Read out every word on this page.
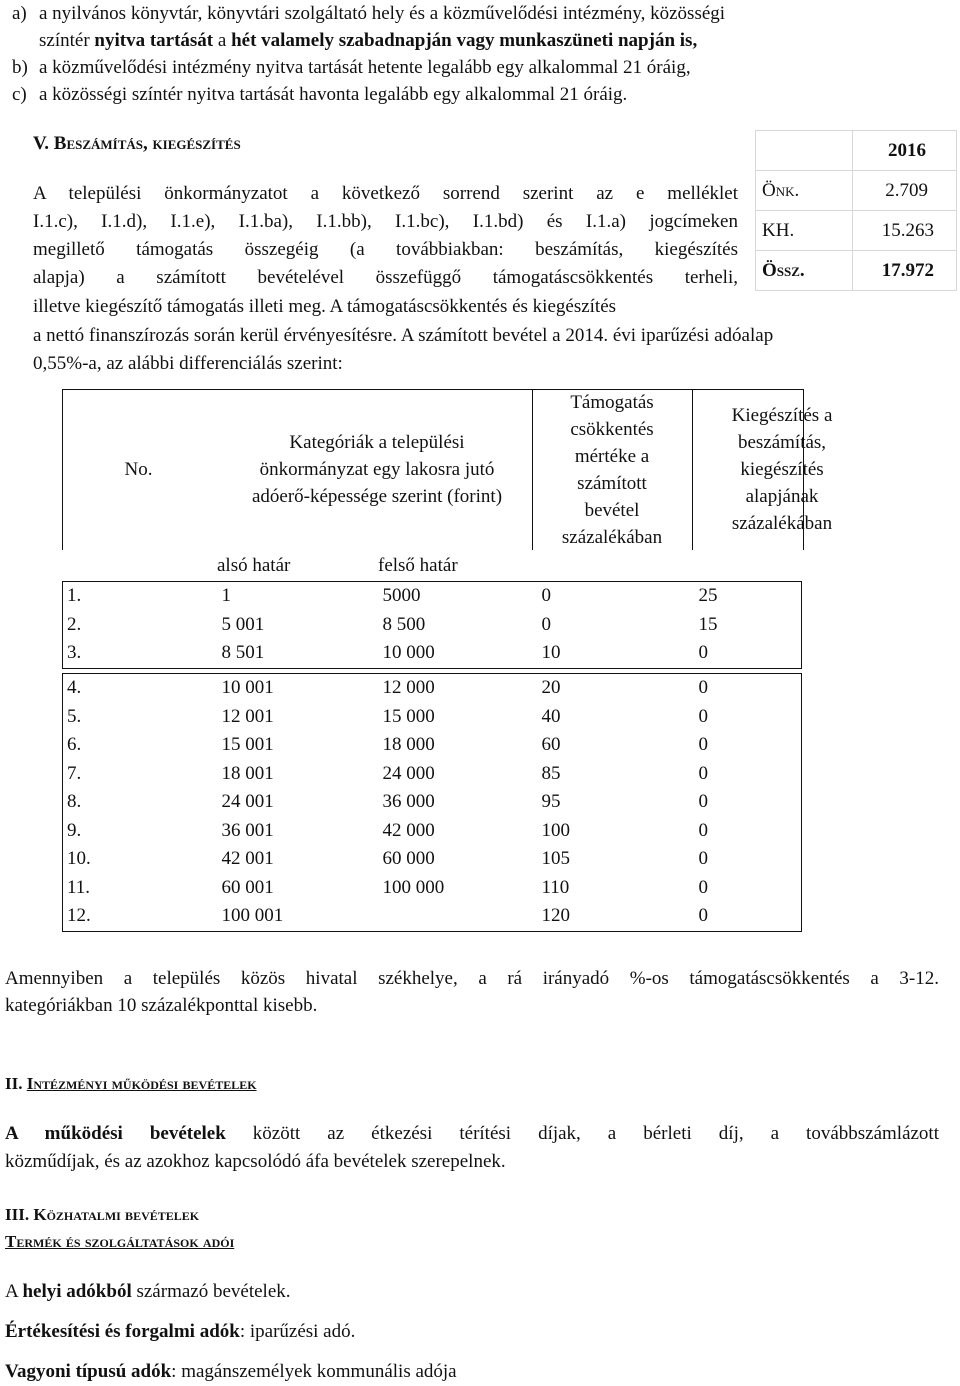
a) a nyilvános könyvtár, könyvtári szolgáltató hely és a közművelődési intézmény, közösségi
színtér nyitva tartását a hét valamely szabadnapján vagy munkaszüneti napján is,
b) a közművelődési intézmény nyitva tartását hetente legalább egy alkalommal 21 óráig,
c) a közösségi színtér nyitva tartását havonta legalább egy alkalommal 21 óráig.
V. Beszámítás, kiegészítés
A települési önkormányzatot a következő sorrend szerint az e melléklet
I.1.c), I.1.d), I.1.e), I.1.ba), I.1.bb), I.1.bc), I.1.bd) és I.1.a) jogcímeken
megillető támogatás összegéig (a továbbiakban: beszámítás, kiegészítés
alapja) a számított bevételével összefüggő támogatáscsökkentés terheli,
illetve kiegészítő támogatás illeti meg. A támogatáscsökkentés és kiegészítés
a nettó finanszírozás során kerül érvényesítésre. A számított bevétel a 2014. évi iparűzési adóalap
0,55%-a, az alábbi differenciálás szerint:
	2016
Önk.	2.709
KH.	15.263
Össz.	17.972
No.
Kategóriák a települési
önkormányzat egy lakosra jutó
adóerő-képessége szerint (forint)
Támogatás
csökkentés
mértéke a
számított
bevétel
százalékában
Kiegészítés a
beszámítás,
kiegészítés
alapjának
százalékában
alsó határ	felső határ
1.	1	5000	0	25
2.	5 001	8 500	0	15
3.	8 501	10 000	10	0
4.	10 001	12 000	20	0
5.	12 001	15 000	40	0
6.	15 001	18 000	60	0
7.	18 001	24 000	85	0
8.	24 001	36 000	95	0
9.	36 001	42 000	100	0
10.	42 001	60 000	105	0
11.	60 001	100 000	110	0
12.	100 001		120	0
Amennyiben a település közös hivatal székhelye, a rá irányadó %-os támogatáscsökkentés a 3-12.
kategóriákban 10 százalékponttal kisebb.
II. Intézményi működési bevételek
A működési bevételek között az étkezési térítési díjak, a bérleti díj, a továbbszámlázott
közműdíjak, és az azokhoz kapcsolódó áfa bevételek szerepelnek.
III. Közhatalmi bevételek
Termék és szolgáltatások adói
A helyi adókból származó bevételek.
Értékesítési és forgalmi adók: iparűzési adó.
Vagyoni típusú adók: magánszemélyek kommunális adója
